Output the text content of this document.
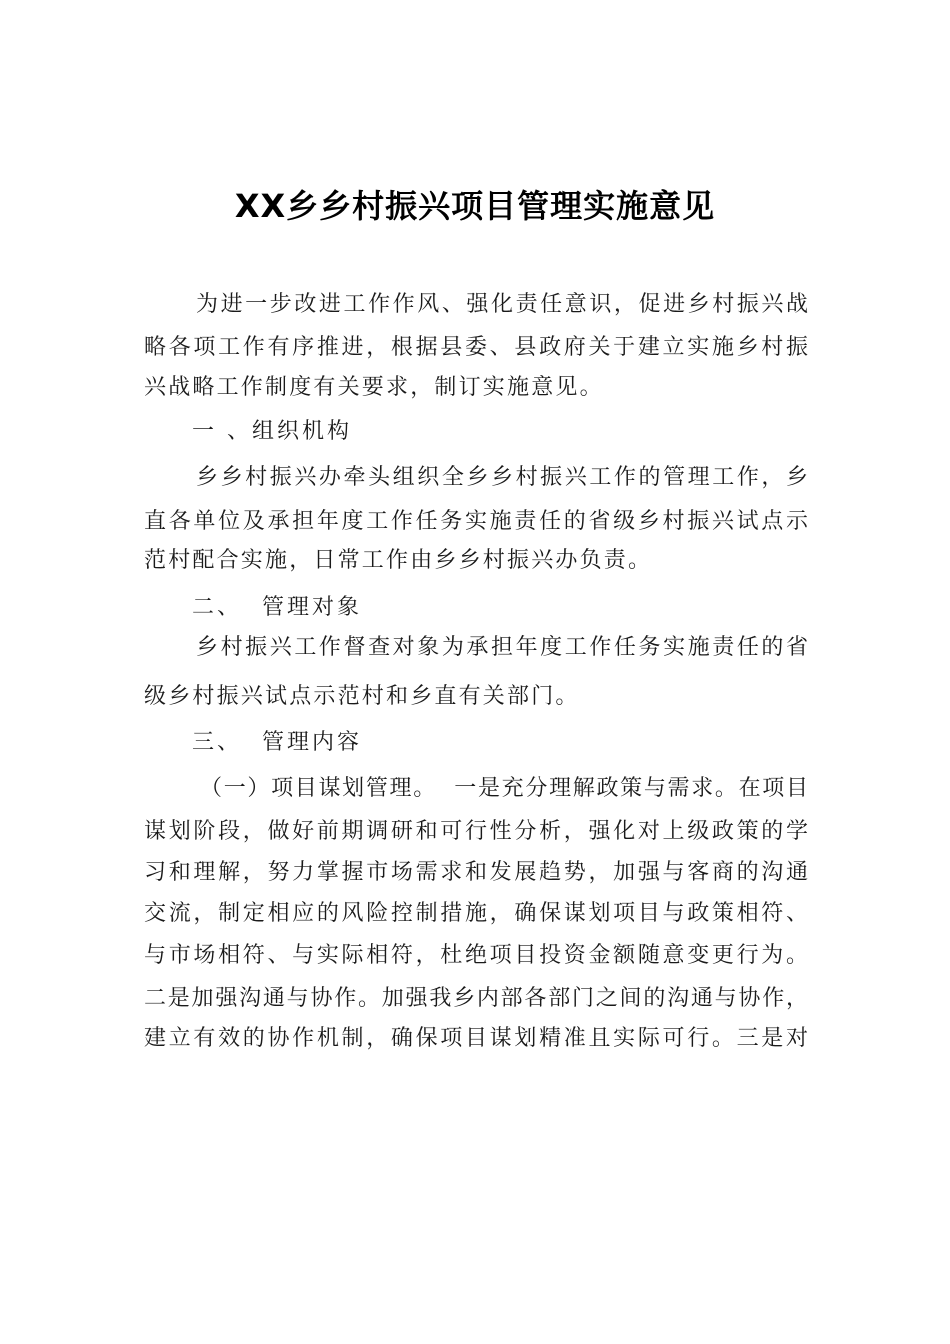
XX乡乡村振兴项目管理实施意见
为进一步改进工作作风、强化责任意识，促进乡村振兴战
略各项工作有序推进，根据县委、县政府关于建立实施乡村振
兴战略工作制度有关要求，制订实施意见。
一 、组织机构
乡乡村振兴办牵头组织全乡乡村振兴工作的管理工作，乡
直各单位及承担年度工作任务实施责任的省级乡村振兴试点示
范村配合实施，日常工作由乡乡村振兴办负责。
二、  管理对象
乡村振兴工作督查对象为承担年度工作任务实施责任的省
级乡村振兴试点示范村和乡直有关部门。
三、  管理内容
（一）项目谋划管理。  一是充分理解政策与需求。在项目
谋划阶段，做好前期调研和可行性分析，强化对上级政策的学
习和理解，努力掌握市场需求和发展趋势，加强与客商的沟通
交流，制定相应的风险控制措施，确保谋划项目与政策相符、
与市场相符、与实际相符，杜绝项目投资金额随意变更行为。
二是加强沟通与协作。加强我乡内部各部门之间的沟通与协作，
建立有效的协作机制，确保项目谋划精准且实际可行。三是对
